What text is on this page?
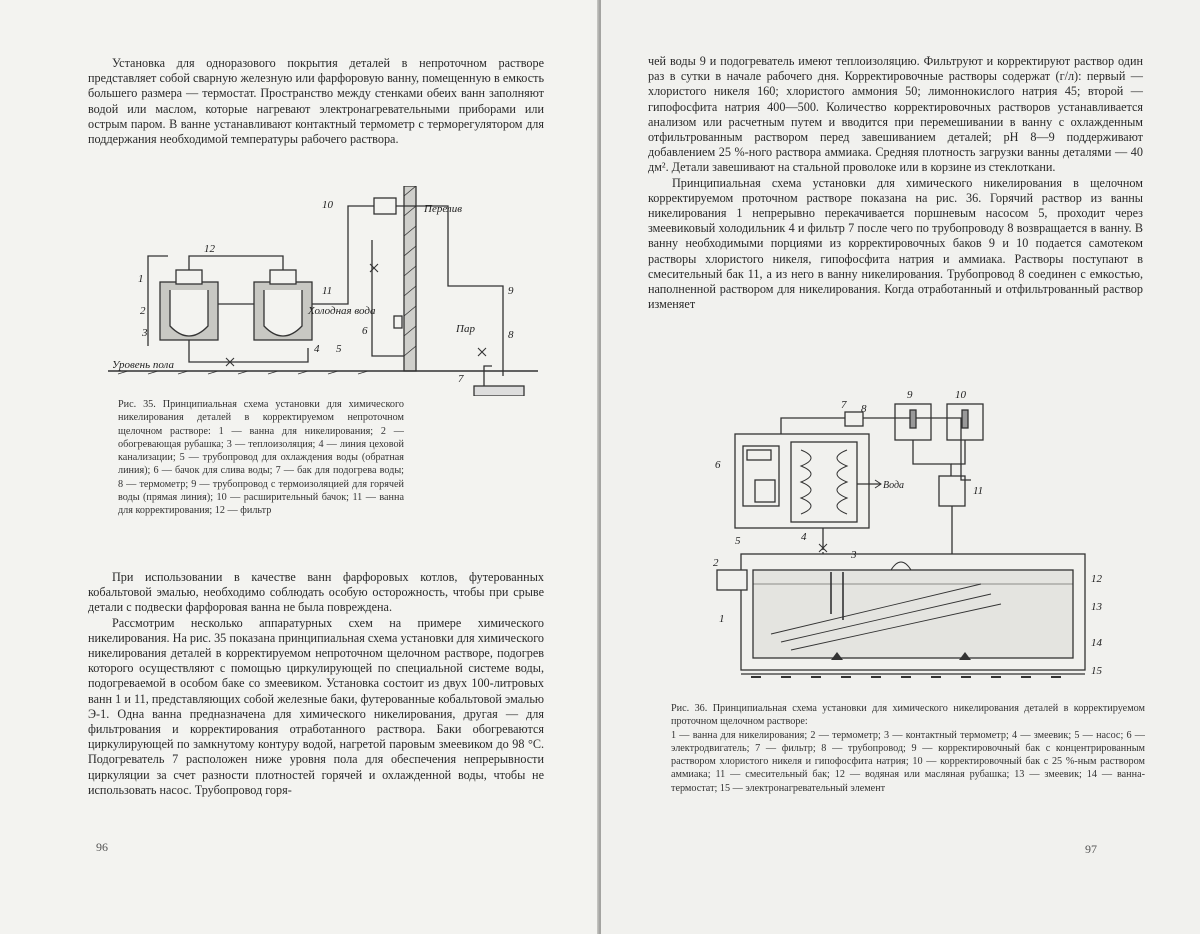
Установка для одноразового покрытия деталей в непроточном растворе представляет собой сварную железную или фарфоровую ванну, помещенную в емкость большего размера — термостат. Пространство между стенками обеих ванн заполняют водой или маслом, которые нагревают электронагревательными приборами или острым паром. В ванне устанавливают контактный термометр с терморегулятором для поддержания необходимой температуры рабочего раствора.

10	Перелив
12
1
2
3
11
Холодная вода
6
4 5
Пар
9
8
7
Уровень пола

Рис. 35. Принципиальная схема установки для химического никелирования деталей в корректируемом непроточном щелочном растворе: 1 — ванна для никелирования; 2 — обогревающая рубашка; 3 — теплоизоляция; 4 — линия цеховой канализации; 5 — трубопровод для охлаждения воды (обратная линия); 6 — бачок для слива воды; 7 — бак для подогрева воды; 8 — термометр; 9 — трубопровод с термоизоляцией для горячей воды (прямая линия); 10 — расширительный бачок; 11 — ванна для корректирования; 12 — фильтр

При использовании в качестве ванн фарфоровых котлов, футерованных кобальтовой эмалью, необходимо соблюдать особую осторожность, чтобы при срыве детали с подвески фарфоровая ванна не была повреждена.

Рассмотрим несколько аппаратурных схем на примере химического никелирования. На рис. 35 показана принципиальная схема установки для химического никелирования деталей в корректируемом непроточном щелочном растворе, подогрев которого осуществляют с помощью циркулирующей по специальной системе воды, подогреваемой в особом баке со змеевиком. Установка состоит из двух 100-литровых ванн 1 и 11, представляющих собой железные баки, футерованные кобальтовой эмалью Э-1. Одна ванна предназначена для химического никелирования, другая — для фильтрования и корректирования отработанного раствора. Баки обогреваются циркулирующей по замкнутому контуру водой, нагретой паровым змеевиком до 98 °С. Подогреватель 7 расположен ниже уровня пола для обеспечения непрерывности циркуляции за счет разности плотностей горячей и охлажденной воды, чтобы не использовать насос. Трубопровод горя-

96

чей воды 9 и подогреватель имеют теплоизоляцию. Фильтруют и корректируют раствор один раз в сутки в начале рабочего дня. Корректировочные растворы содержат (г/л): первый — хлористого никеля 160; хлористого аммония 50; лимоннокислого натрия 45; второй — гипофосфита натрия 400—500. Количество корректировочных растворов устанавливается анализом или расчетным путем и вводится при перемешивании в ванну с охлажденным отфильтрованным раствором перед завешиванием деталей; pH 8—9 поддерживают добавлением 25 %-ного раствора аммиака. Средняя плотность загрузки ванны деталями — 40 дм². Детали завешивают на стальной проволоке или в корзине из стеклоткани.

Принципиальная схема установки для химического никелирования в щелочном корректируемом проточном растворе показана на рис. 36. Горячий раствор из ванны никелирования 1 непрерывно перекачивается поршневым насосом 5, проходит через змеевиковый холодильник 4 и фильтр 7 после чего по трубопроводу 8 возвращается в ванну. В ванну необходимыми порциями из корректировочных баков 9 и 10 подается самотеком растворы хлористого никеля, гипофосфита натрия и аммиака. Растворы поступают в смесительный бак 11, а из него в ванну никелирования. Трубопровод 8 соединен с емкостью, наполненной раствором для никелирования. Когда отработанный и отфильтрованный раствор изменяет

7 8
9	10
6
Вода	11
5	4
3
2
1
12
13
14
15

Рис. 36. Принципиальная схема установки для химического никелирования деталей в корректируемом проточном щелочном растворе:

1 — ванна для никелирования; 2 — термометр; 3 — контактный термометр; 4 — змеевик; 5 — насос; 6 — электродвигатель; 7 — фильтр; 8 — трубопровод; 9 — корректировочный бак с концентрированным раствором хлористого никеля и гипофосфита натрия; 10 — корректировочный бак с 25 %-ным раствором аммиака; 11 — смесительный бак; 12 — водяная или масляная рубашка; 13 — змеевик; 14 — ванна-термостат; 15 — электронагревательный элемент

97
